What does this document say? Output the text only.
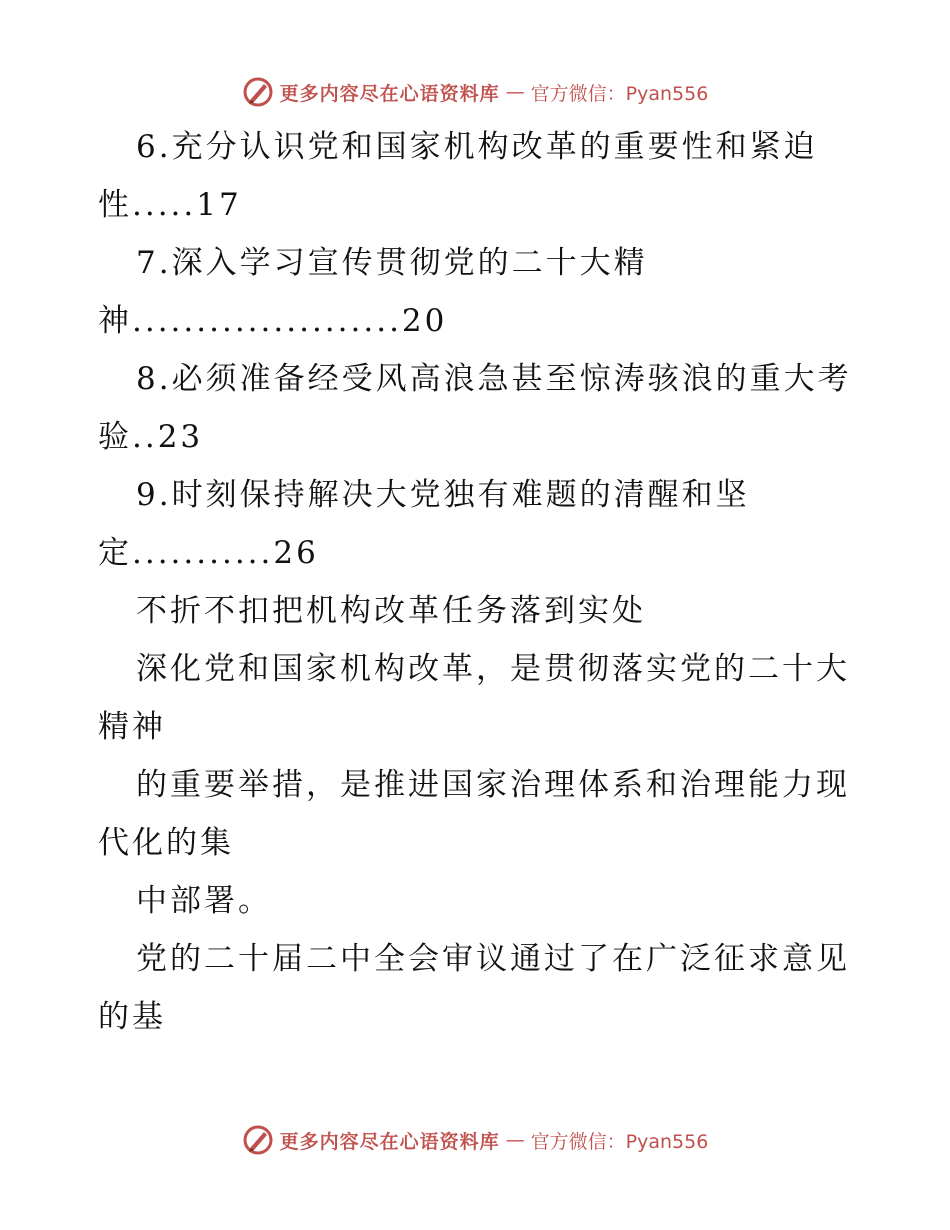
更多内容尽在心语资料库 — 官方微信：Pyan556
6.充分认识党和国家机构改革的重要性和紧迫
性.....17
7.深入学习宣传贯彻党的二十大精
神.....................20
8.必须准备经受风高浪急甚至惊涛骇浪的重大考
验..23
9.时刻保持解决大党独有难题的清醒和坚
定...........26
不折不扣把机构改革任务落到实处
深化党和国家机构改革，是贯彻落实党的二十大
精神
的重要举措，是推进国家治理体系和治理能力现
代化的集
中部署。
党的二十届二中全会审议通过了在广泛征求意见
的基
更多内容尽在心语资料库 — 官方微信：Pyan556
